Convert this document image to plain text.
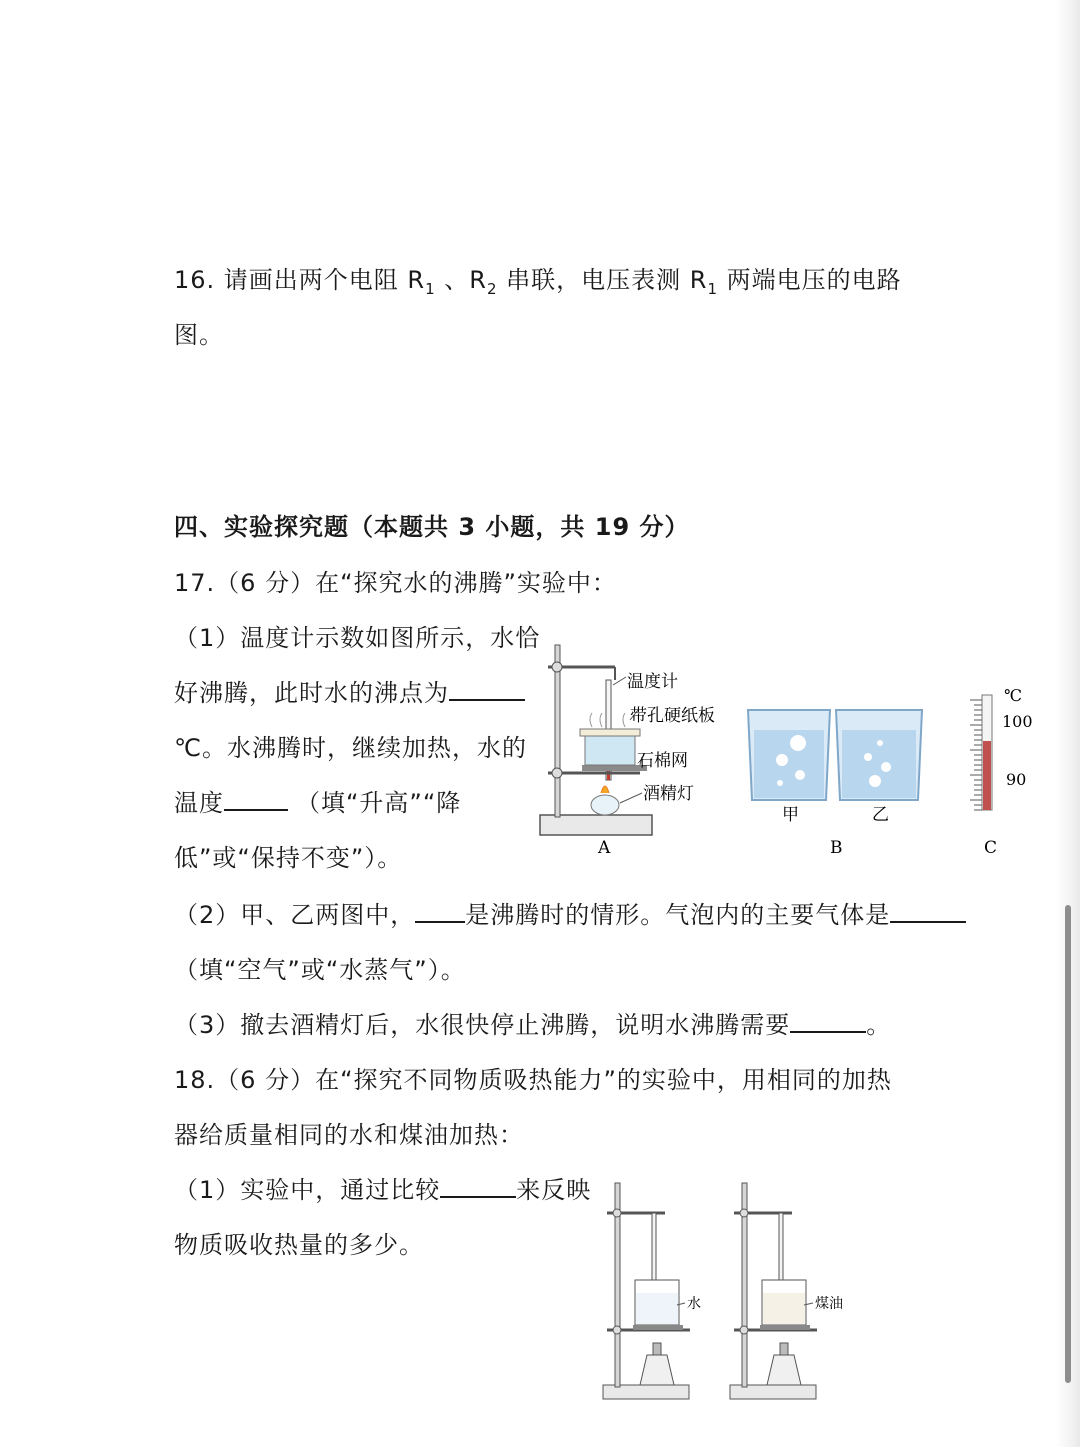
16. 请画出两个电阻 $R_1$ 、$R_2$ 串联，电压表测 $R_1$ 两端电压的电路
图。
四、实验探究题（本题共 3 小题，共 19 分）
17.（6 分）在“探究水的沸腾”实验中：
（1）温度计示数如图所示，水恰
好沸腾，此时水的沸点为
℃。水沸腾时，继续加热，水的
温度	（填“升高”“降
低”或“保持不变”）。
（2）甲、乙两图中， 是沸腾时的情形。气泡内的主要气体是
（填“空气”或“水蒸气”）。
（3）撤去酒精灯后，水很快停止沸腾，说明水沸腾需要	。
18.（6 分）在“探究不同物质吸热能力”的实验中，用相同的加热
器给质量相同的水和煤油加热：
（1）实验中，通过比较	来反映
物质吸收热量的多少。
温度计
带孔硬纸板
石棉网
酒精灯
A
甲	乙
B
℃
100
90
C
水	煤油
